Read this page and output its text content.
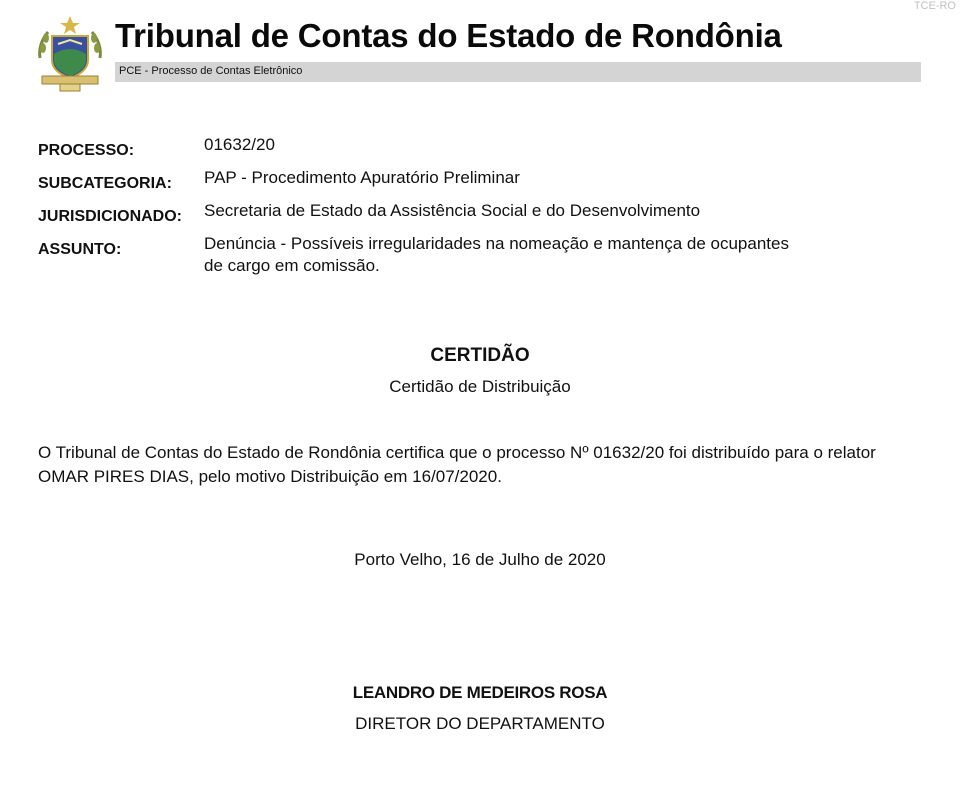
TCE-RO
Tribunal de Contas do Estado de Rondônia
PCE - Processo de Contas Eletrônico
PROCESSO:	01632/20
SUBCATEGORIA:	PAP - Procedimento Apuratório Preliminar
JURISDICIONADO:	Secretaria de Estado da Assistência Social e do Desenvolvimento
ASSUNTO:	Denúncia - Possíveis irregularidades na nomeação e mantença de ocupantes de cargo em comissão.
CERTIDÃO
Certidão de Distribuição
O Tribunal de Contas do Estado de Rondônia certifica que o processo Nº 01632/20 foi distribuído para o relator OMAR PIRES DIAS, pelo motivo Distribuição em 16/07/2020.
Porto Velho, 16 de Julho de 2020
LEANDRO DE MEDEIROS ROSA
DIRETOR DO DEPARTAMENTO
